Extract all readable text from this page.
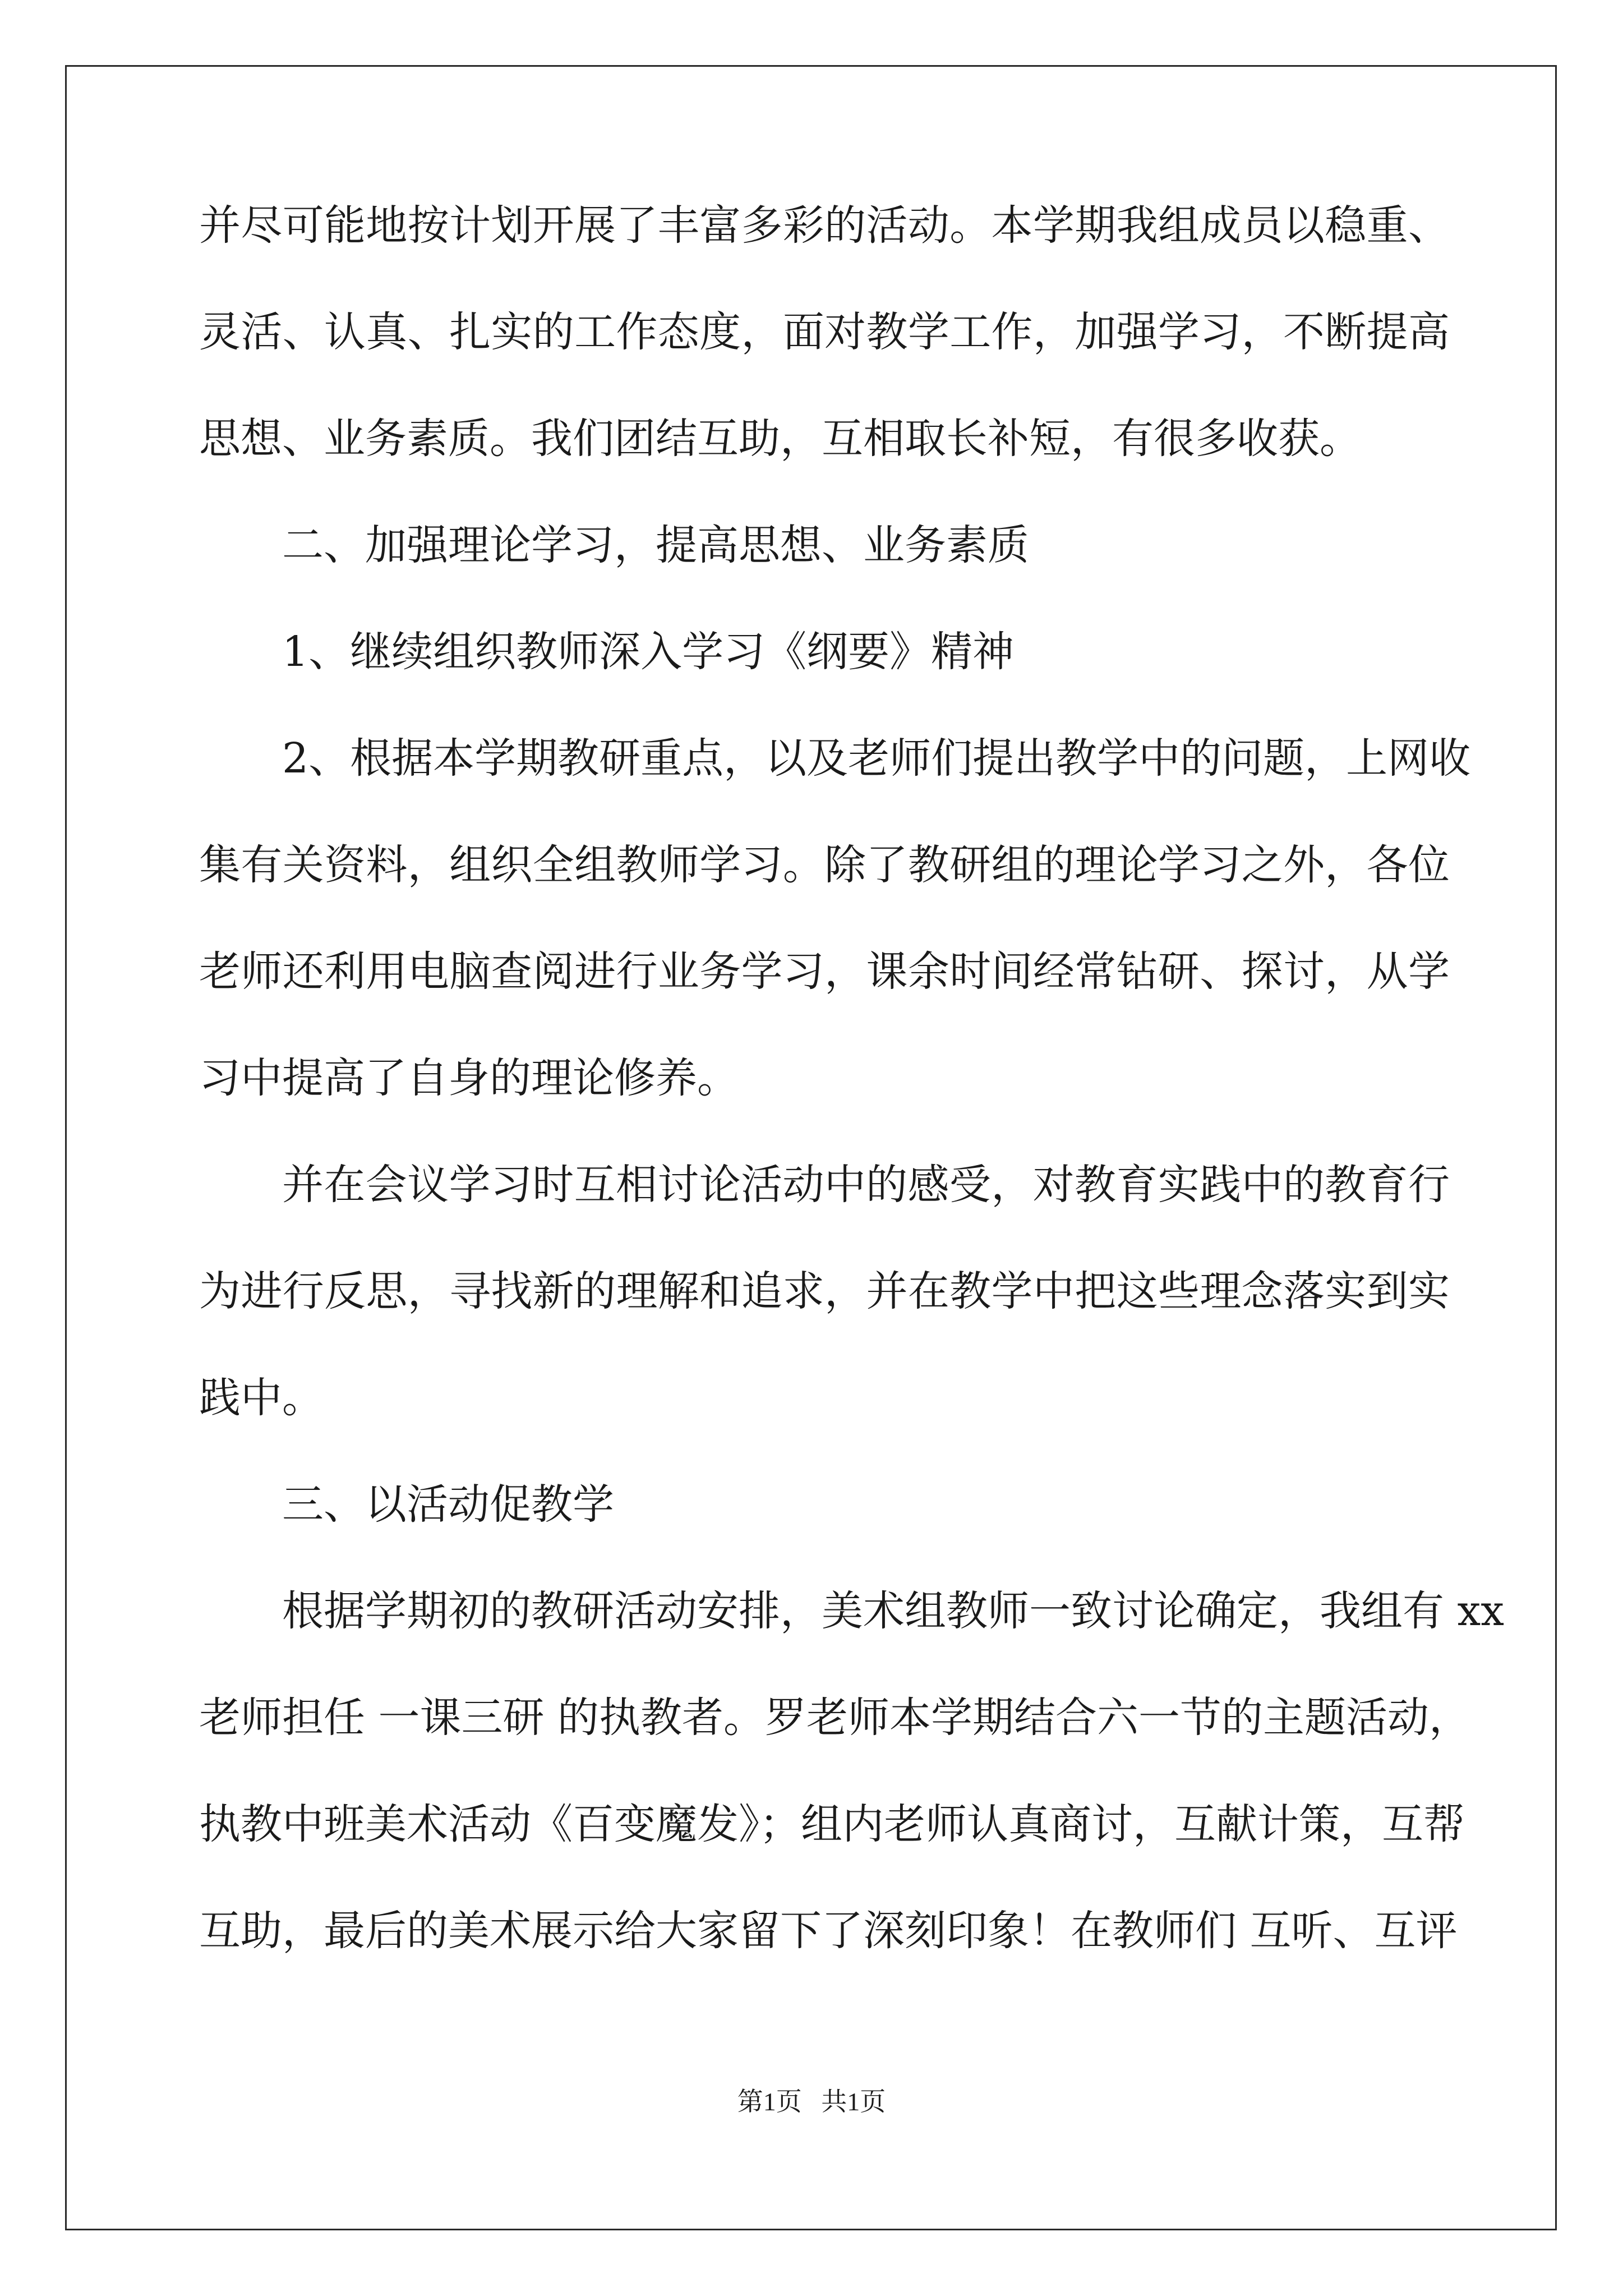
并尽可能地按计划开展了丰富多彩的活动。本学期我组成员以稳重、
灵活、认真、扎实的工作态度，面对教学工作，加强学习，不断提高
思想、业务素质。我们团结互助，互相取长补短，有很多收获。
二、加强理论学习，提高思想、业务素质
1、继续组织教师深入学习《纲要》精神
2、根据本学期教研重点，以及老师们提出教学中的问题，上网收
集有关资料，组织全组教师学习。除了教研组的理论学习之外，各位
老师还利用电脑查阅进行业务学习，课余时间经常钻研、探讨，从学
习中提高了自身的理论修养。
并在会议学习时互相讨论活动中的感受，对教育实践中的教育行
为进行反思，寻找新的理解和追求，并在教学中把这些理念落实到实
践中。
三、以活动促教学
根据学期初的教研活动安排，美术组教师一致讨论确定，我组有 xx
老师担任 一课三研 的执教者。罗老师本学期结合六一节的主题活动，
执教中班美术活动《百变魔发》；组内老师认真商讨，互献计策，互帮
互助，最后的美术展示给大家留下了深刻印象！在教师们 互听、互评
第1页   共1页
